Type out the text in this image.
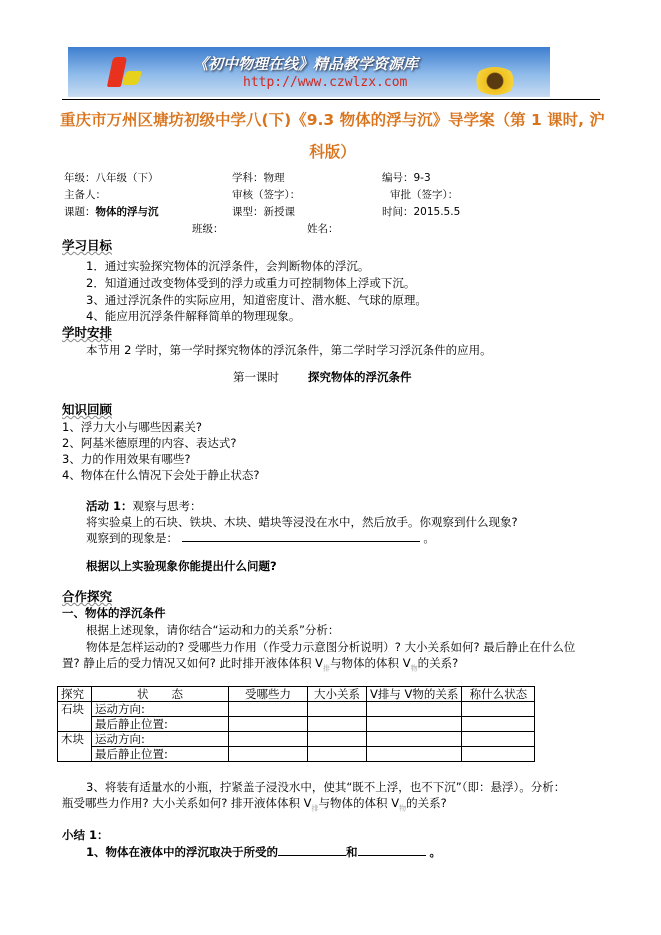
《初中物理在线》精品教学资源库
http://www.czwlzx.com
重庆市万州区塘坊初级中学八(下)《9.3 物体的浮与沉》导学案（第 1 课时, 沪
科版）
年级：八年级（下）	学科：物理	编号：9-3
主备人：	审核（签字）：	审批（签字）：
课题：物体的浮与沉	课型：新授课	时间：2015.5.5
班级：	姓名：
学习目标
1．通过实验探究物体的沉浮条件，会判断物体的浮沉。
2．知道通过改变物体受到的浮力或重力可控制物体上浮或下沉。
3、通过浮沉条件的实际应用，知道密度计、潜水艇、气球的原理。
4、能应用沉浮条件解释简单的物理现象。
学时安排
本节用 2 学时，第一学时探究物体的浮沉条件，第二学时学习浮沉条件的应用。
第一课时	探究物体的浮沉条件
知识回顾
1、浮力大小与哪些因素关?
2、阿基米德原理的内容、表达式?
3、力的作用效果有哪些?
4、物体在什么情况下会处于静止状态?
活动 1：观察与思考：
将实验桌上的石块、铁块、木块、蜡块等浸没在水中，然后放手。你观察到什么现象?
观察到的现象是：	。
根据以上实验现象你能提出什么问题?
合作探究
一、物体的浮沉条件
根据上述现象，请你结合“运动和力的关系”分析：
物体是怎样运动的? 受哪些力作用（作受力示意图分析说明）? 大小关系如何? 最后静止在什么位
置? 静止后的受力情况又如何? 此时排开液体体积 $V_排$与物体的体积 $V_物$的关系?
探究	状　　态	受哪些力	大小关系	V排与 V物的关系	称什么状态
石块	运动方向:				
	最后静止位置:				
木块	运动方向:				
	最后静止位置:				
3、将装有适量水的小瓶，拧紧盖子浸没水中，使其“既不上浮，也不下沉”（即：悬浮）。分析：
瓶受哪些力作用? 大小关系如何? 排开液体体积 $V_排$与物体的体积 $V_物$的关系?
小结 1：
1、物体在液体中的浮沉取决于所受的	和	。
